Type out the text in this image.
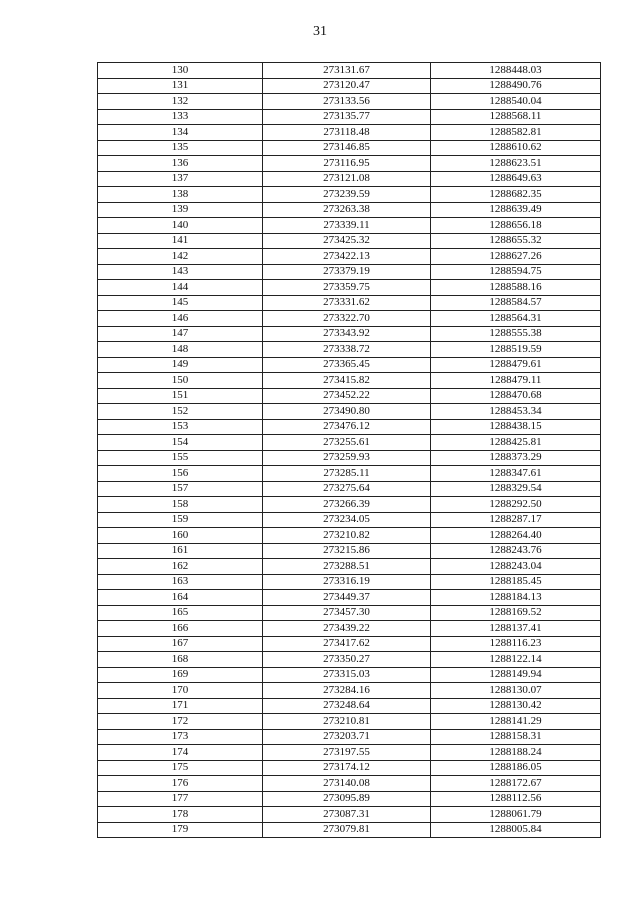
31
130	273131.67	1288448.03
131	273120.47	1288490.76
132	273133.56	1288540.04
133	273135.77	1288568.11
134	273118.48	1288582.81
135	273146.85	1288610.62
136	273116.95	1288623.51
137	273121.08	1288649.63
138	273239.59	1288682.35
139	273263.38	1288639.49
140	273339.11	1288656.18
141	273425.32	1288655.32
142	273422.13	1288627.26
143	273379.19	1288594.75
144	273359.75	1288588.16
145	273331.62	1288584.57
146	273322.70	1288564.31
147	273343.92	1288555.38
148	273338.72	1288519.59
149	273365.45	1288479.61
150	273415.82	1288479.11
151	273452.22	1288470.68
152	273490.80	1288453.34
153	273476.12	1288438.15
154	273255.61	1288425.81
155	273259.93	1288373.29
156	273285.11	1288347.61
157	273275.64	1288329.54
158	273266.39	1288292.50
159	273234.05	1288287.17
160	273210.82	1288264.40
161	273215.86	1288243.76
162	273288.51	1288243.04
163	273316.19	1288185.45
164	273449.37	1288184.13
165	273457.30	1288169.52
166	273439.22	1288137.41
167	273417.62	1288116.23
168	273350.27	1288122.14
169	273315.03	1288149.94
170	273284.16	1288130.07
171	273248.64	1288130.42
172	273210.81	1288141.29
173	273203.71	1288158.31
174	273197.55	1288188.24
175	273174.12	1288186.05
176	273140.08	1288172.67
177	273095.89	1288112.56
178	273087.31	1288061.79
179	273079.81	1288005.84
